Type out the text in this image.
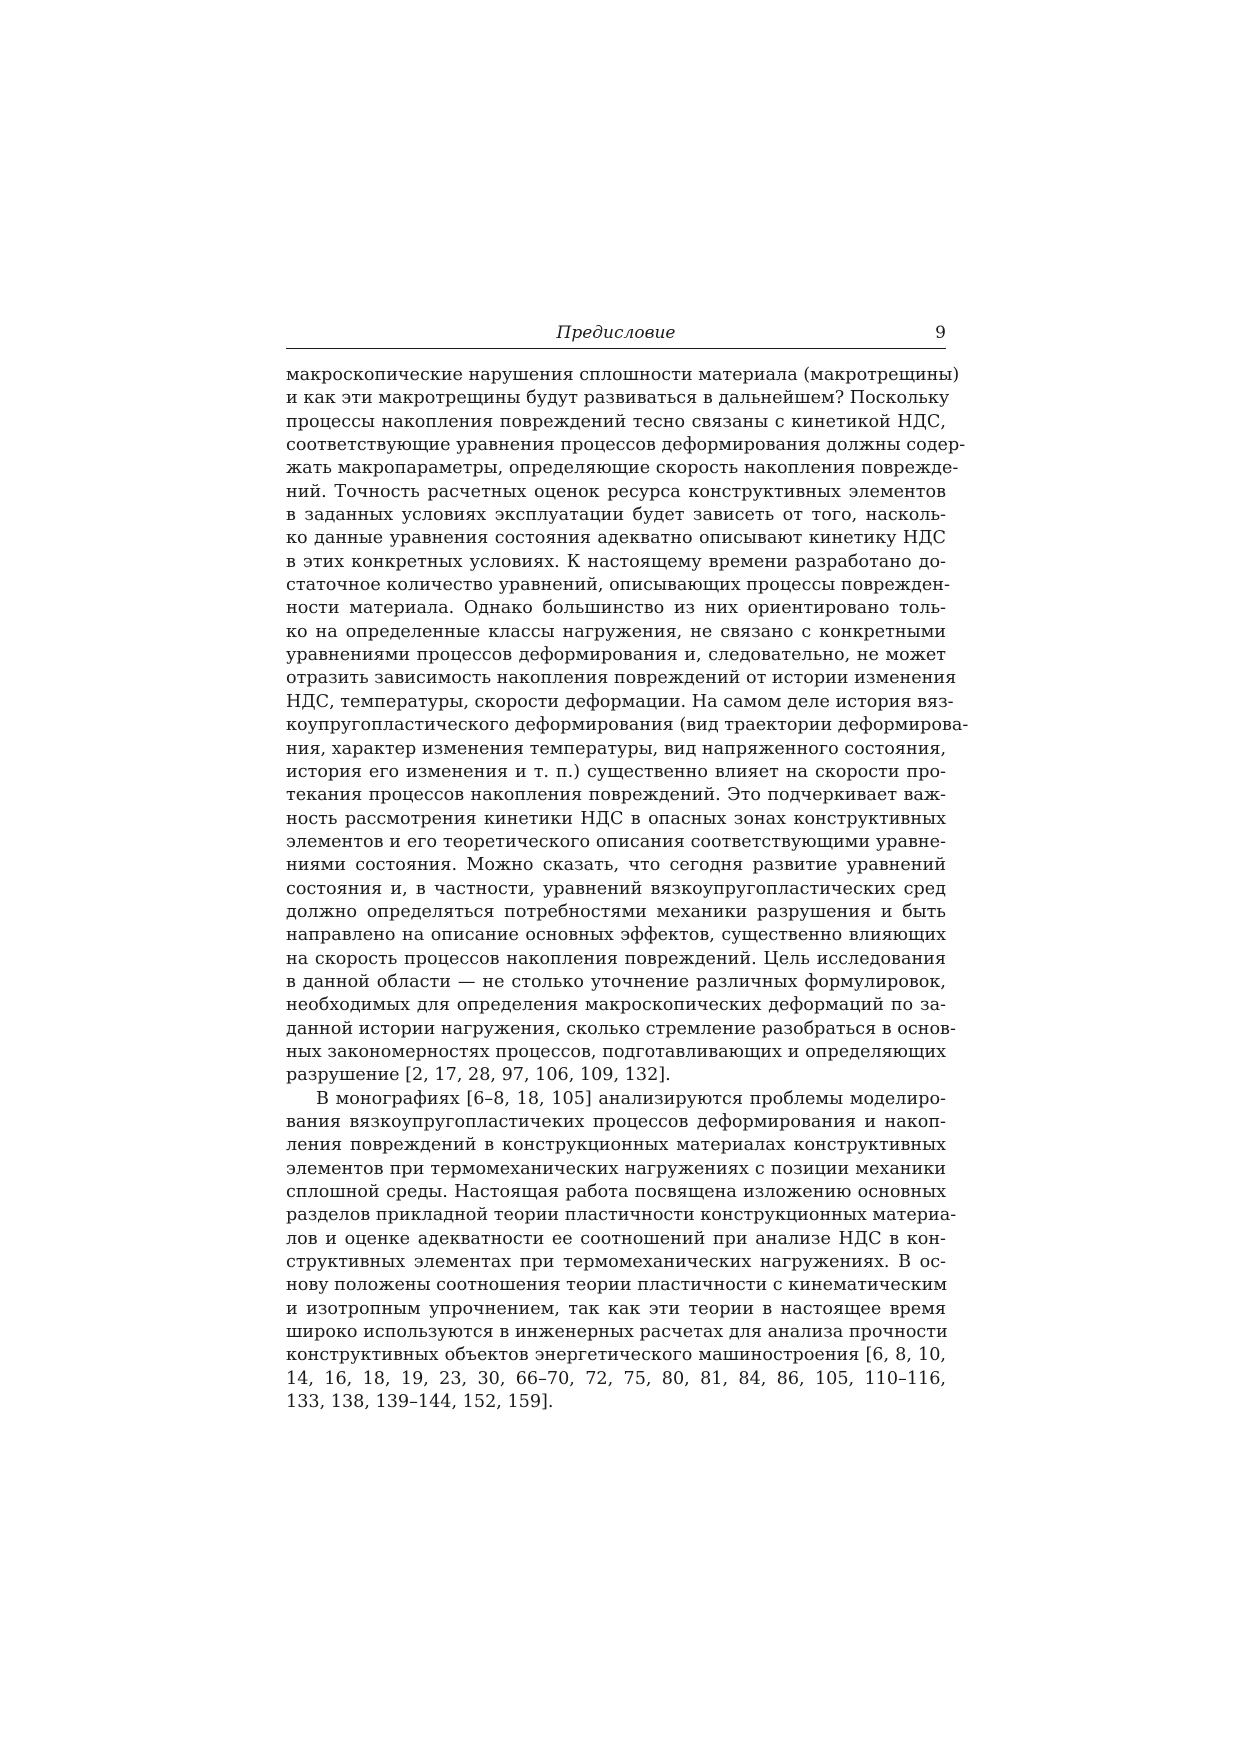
Предисловие	9
макроскопические нарушения сплошности материала (макротрещины)
и как эти макротрещины будут развиваться в дальнейшем? Поскольку
процессы накопления повреждений тесно связаны с кинетикой НДС,
соответствующие уравнения процессов деформирования должны содер-
жать макропараметры, определяющие скорость накопления поврежде-
ний. Точность расчетных оценок ресурса конструктивных элементов
в заданных условиях эксплуатации будет зависеть от того, насколь-
ко данные уравнения состояния адекватно описывают кинетику НДС
в этих конкретных условиях. К настоящему времени разработано до-
статочное количество уравнений, описывающих процессы поврежден-
ности материала. Однако большинство из них ориентировано толь-
ко на определенные классы нагружения, не связано с конкретными
уравнениями процессов деформирования и, следовательно, не может
отразить зависимость накопления повреждений от истории изменения
НДС, температуры, скорости деформации. На самом деле история вяз-
коупругопластического деформирования (вид траектории деформирова-
ния, характер изменения температуры, вид напряженного состояния,
история его изменения и т. п.) существенно влияет на скорости про-
текания процессов накопления повреждений. Это подчеркивает важ-
ность рассмотрения кинетики НДС в опасных зонах конструктивных
элементов и его теоретического описания соответствующими уравне-
ниями состояния. Можно сказать, что сегодня развитие уравнений
состояния и, в частности, уравнений вязкоупругопластических сред
должно определяться потребностями механики разрушения и быть
направлено на описание основных эффектов, существенно влияющих
на скорость процессов накопления повреждений. Цель исследования
в данной области — не столько уточнение различных формулировок,
необходимых для определения макроскопических деформаций по за-
данной истории нагружения, сколько стремление разобраться в основ-
ных закономерностях процессов, подготавливающих и определяющих
разрушение [2, 17, 28, 97, 106, 109, 132].
В монографиях [6–8, 18, 105] анализируются проблемы моделиро-
вания вязкоупругопластичеких процессов деформирования и накоп-
ления повреждений в конструкционных материалах конструктивных
элементов при термомеханических нагружениях с позиции механики
сплошной среды. Настоящая работа посвящена изложению основных
разделов прикладной теории пластичности конструкционных материа-
лов и оценке адекватности ее соотношений при анализе НДС в кон-
структивных элементах при термомеханических нагружениях. В ос-
нову положены соотношения теории пластичности с кинематическим
и изотропным упрочнением, так как эти теории в настоящее время
широко используются в инженерных расчетах для анализа прочности
конструктивных объектов энергетического машиностроения [6, 8, 10,
14, 16, 18, 19, 23, 30, 66–70, 72, 75, 80, 81, 84, 86, 105, 110–116,
133, 138, 139–144, 152, 159].
